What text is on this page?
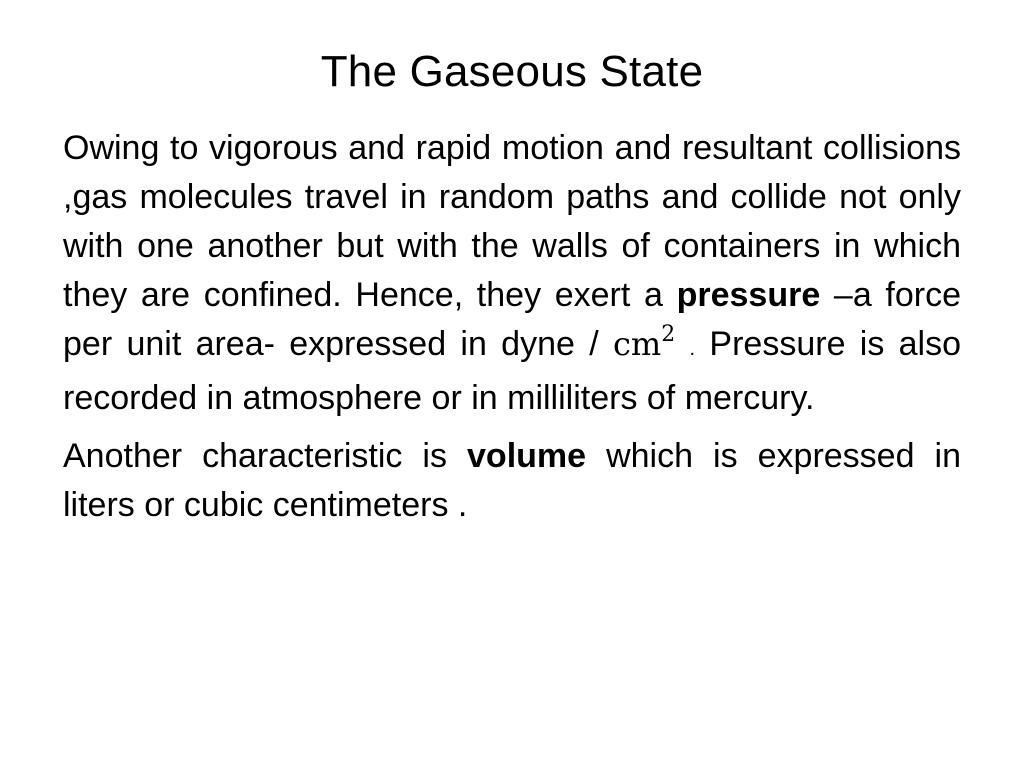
The Gaseous State

Owing to vigorous and rapid motion and resultant collisions ,gas molecules travel in random paths and collide not only with one another but with the walls of containers in which they are confined. Hence, they exert a pressure –a force per unit area- expressed in dyne / $cm^2$ . Pressure is also recorded in atmosphere or in milliliters of mercury.

Another characteristic is volume which is expressed in liters or cubic centimeters .
